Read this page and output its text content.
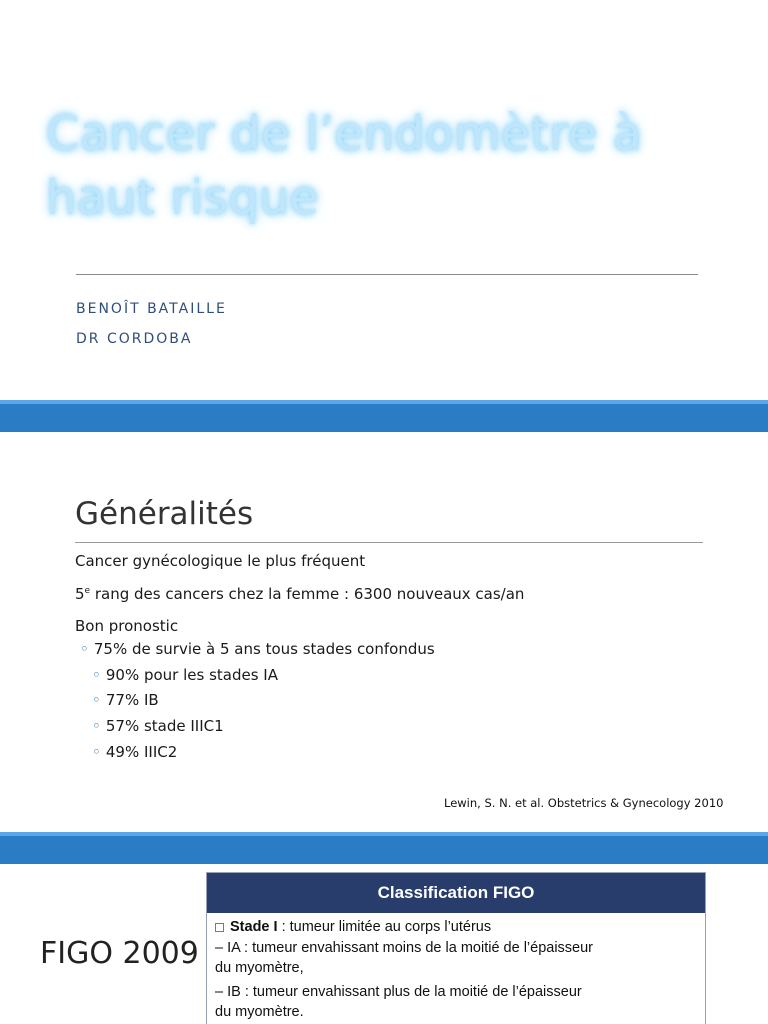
Cancer de l’endomètre à
haut risque
BENOÎT BATAILLE
DR CORDOBA
Généralités
Cancer gynécologique le plus fréquent
5e rang des cancers chez la femme : 6300 nouveaux cas/an
Bon pronostic
◦ 75% de survie à 5 ans tous stades confondus
◦ 90% pour les stades IA
◦ 77% IB
◦ 57% stade IIIC1
◦ 49% IIIC2
Lewin, S. N. et al. Obstetrics & Gynecology 2010
FIGO 2009
Classification FIGO
Stade I : tumeur limitée au corps l’utérus
– IA : tumeur envahissant moins de la moitié de l’épaisseur
du myomètre,
– IB : tumeur envahissant plus de la moitié de l’épaisseur
du myomètre.
